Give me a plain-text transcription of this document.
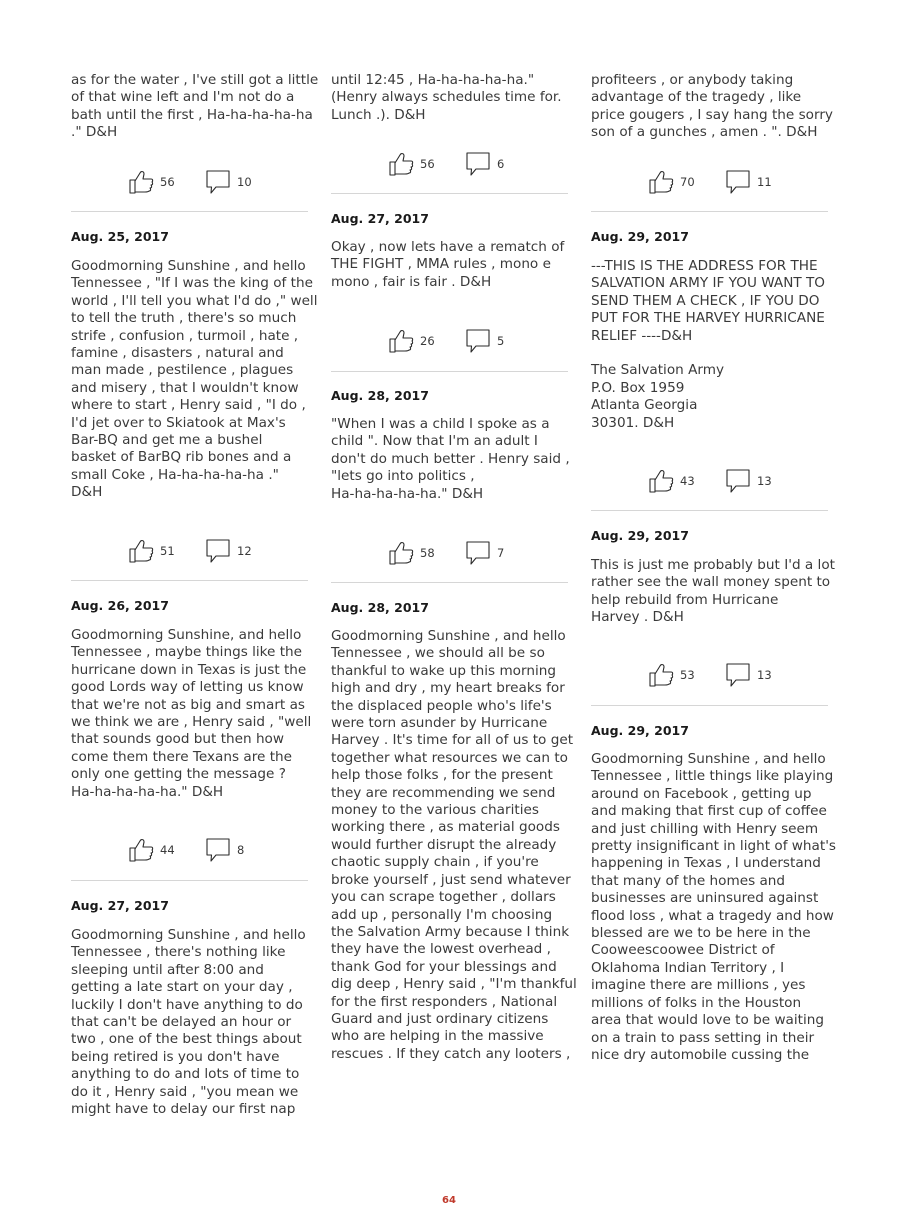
as for the water , I've still got a little
of that wine left and I'm not do a
bath until the first , Ha-ha-ha-ha-ha
." D&H
56	10
Aug. 25, 2017
Goodmorning Sunshine , and hello
Tennessee , "If I was the king of the
world , I'll tell you what I'd do ," well
to tell the truth , there's so much
strife , confusion , turmoil , hate ,
famine , disasters , natural and
man made , pestilence , plagues
and misery , that I wouldn't know
where to start , Henry said , "I do ,
I'd jet over to Skiatook at Max's
Bar-BQ and get me a bushel
basket of BarBQ rib bones and a
small Coke , Ha-ha-ha-ha-ha ."
D&H
51	12
Aug. 26, 2017
Goodmorning Sunshine, and hello
Tennessee , maybe things like the
hurricane down in Texas is just the
good Lords way of letting us know
that we're not as big and smart as
we think we are , Henry said , "well
that sounds good but then how
come them there Texans are the
only one getting the message ?
Ha-ha-ha-ha-ha." D&H
44	8
Aug. 27, 2017
Goodmorning Sunshine , and hello
Tennessee , there's nothing like
sleeping until after 8:00 and
getting a late start on your day ,
luckily I don't have anything to do
that can't be delayed an hour or
two , one of the best things about
being retired is you don't have
anything to do and lots of time to
do it , Henry said , "you mean we
might have to delay our first nap
until 12:45 , Ha-ha-ha-ha-ha."
(Henry always schedules time for.
Lunch .). D&H
56	6
Aug. 27, 2017
Okay , now lets have a rematch of
THE FIGHT , MMA rules , mono e
mono , fair is fair . D&H
26	5
Aug. 28, 2017
"When I was a child I spoke as a
child ". Now that I'm an adult I
don't do much better . Henry said ,
"lets go into politics ,
Ha-ha-ha-ha-ha." D&H
58	7
Aug. 28, 2017
Goodmorning Sunshine , and hello
Tennessee , we should all be so
thankful to wake up this morning
high and dry , my heart breaks for
the displaced people who's life's
were torn asunder by Hurricane
Harvey . It's time for all of us to get
together what resources we can to
help those folks , for the present
they are recommending we send
money to the various charities
working there , as material goods
would further disrupt the already
chaotic supply chain , if you're
broke yourself , just send whatever
you can scrape together , dollars
add up , personally I'm choosing
the Salvation Army because I think
they have the lowest overhead ,
thank God for your blessings and
dig deep , Henry said , "I'm thankful
for the first responders , National
Guard and just ordinary citizens
who are helping in the massive
rescues . If they catch any looters ,
profiteers , or anybody taking
advantage of the tragedy , like
price gougers , I say hang the sorry
son of a gunches , amen . ". D&H
70	11
Aug. 29, 2017
---THIS IS THE ADDRESS FOR THE
SALVATION ARMY IF YOU WANT TO
SEND THEM A CHECK , IF YOU DO
PUT FOR THE HARVEY HURRICANE
RELIEF ----D&H

The Salvation Army
P.O. Box 1959
Atlanta Georgia
30301. D&H
43	13
Aug. 29, 2017
This is just me probably but I'd a lot
rather see the wall money spent to
help rebuild from Hurricane
Harvey . D&H
53	13
Aug. 29, 2017
Goodmorning Sunshine , and hello
Tennessee , little things like playing
around on Facebook , getting up
and making that first cup of coffee
and just chilling with Henry seem
pretty insignificant in light of what's
happening in Texas , I understand
that many of the homes and
businesses are uninsured against
flood loss , what a tragedy and how
blessed are we to be here in the
Cooweescoowee District of
Oklahoma Indian Territory , I
imagine there are millions , yes
millions of folks in the Houston
area that would love to be waiting
on a train to pass setting in their
nice dry automobile cussing the
64
